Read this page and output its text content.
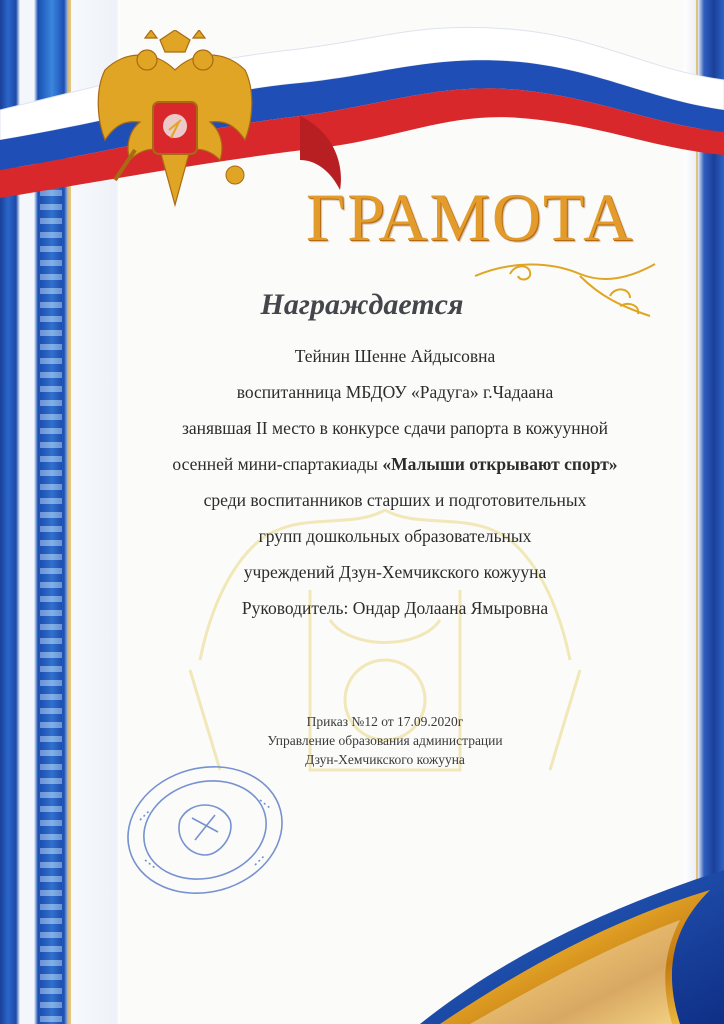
ГРАМОТА
Награждается
Тейнин Шенне Айдысовна
воспитанница МБДОУ «Радуга» г.Чадаана
занявшая II место в конкурсе сдачи рапорта в кожуунной
осенней мини-спартакиады «Малыши открывают спорт»
среди воспитанников старших и подготовительных
групп дошкольных образовательных
учреждений Дзун-Хемчикского кожууна
Руководитель: Ондар Долаана Ямыровна
Приказ №12 от 17.09.2020г
Управление образования администрации
Дзун-Хемчикского кожууна
